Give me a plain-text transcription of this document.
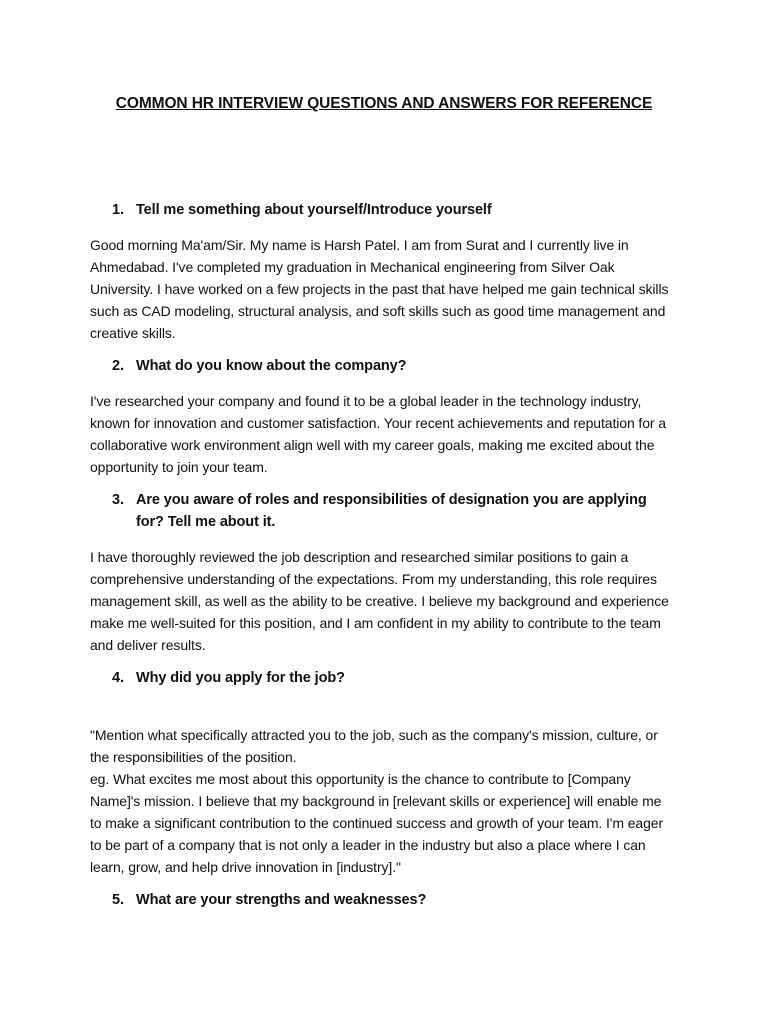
COMMON HR INTERVIEW QUESTIONS AND ANSWERS FOR REFERENCE
1. Tell me something about yourself/Introduce yourself
Good morning Ma'am/Sir. My name is Harsh Patel. I am from Surat and I currently live in
Ahmedabad. I've completed my graduation in Mechanical engineering from Silver Oak
University. I have worked on a few projects in the past that have helped me gain technical skills
such as CAD modeling, structural analysis, and soft skills such as good time management and
creative skills.
2. What do you know about the company?
I've researched your company and found it to be a global leader in the technology industry,
known for innovation and customer satisfaction. Your recent achievements and reputation for a
collaborative work environment align well with my career goals, making me excited about the
opportunity to join your team.
3. Are you aware of roles and responsibilities of designation you are applying for? Tell me about it.
I have thoroughly reviewed the job description and researched similar positions to gain a
comprehensive understanding of the expectations. From my understanding, this role requires
management skill, as well as the ability to be creative. I believe my background and experience
make me well-suited for this position, and I am confident in my ability to contribute to the team
and deliver results.
4. Why did you apply for the job?
"Mention what specifically attracted you to the job, such as the company's mission, culture, or
the responsibilities of the position.
eg. What excites me most about this opportunity is the chance to contribute to [Company
Name]'s mission. I believe that my background in [relevant skills or experience] will enable me
to make a significant contribution to the continued success and growth of your team. I'm eager
to be part of a company that is not only a leader in the industry but also a place where I can
learn, grow, and help drive innovation in [industry]."
5. What are your strengths and weaknesses?
